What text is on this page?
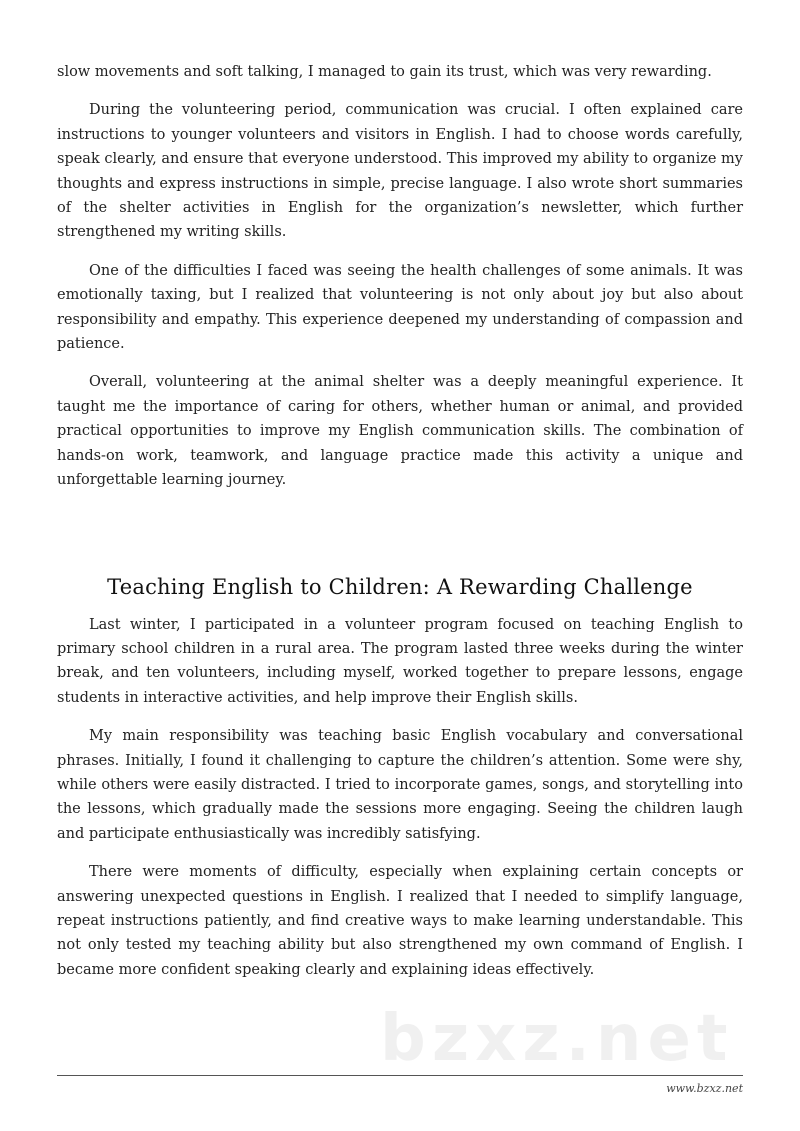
slow movements and soft talking, I managed to gain its trust, which was very rewarding.

During the volunteering period, communication was crucial. I often explained care instructions to younger volunteers and visitors in English. I had to choose words carefully, speak clearly, and ensure that everyone understood. This improved my ability to organize my thoughts and express instructions in simple, precise language. I also wrote short summaries of the shelter activities in English for the organization’s newsletter, which further strengthened my writing skills.

One of the difficulties I faced was seeing the health challenges of some animals. It was emotionally taxing, but I realized that volunteering is not only about joy but also about responsibility and empathy. This experience deepened my understanding of compassion and patience.

Overall, volunteering at the animal shelter was a deeply meaningful experience. It taught me the importance of caring for others, whether human or animal, and provided practical opportunities to improve my English communication skills. The combination of hands-on work, teamwork, and language practice made this activity a unique and unforgettable learning journey.

Teaching English to Children: A Rewarding Challenge

Last winter, I participated in a volunteer program focused on teaching English to primary school children in a rural area. The program lasted three weeks during the winter break, and ten volunteers, including myself, worked together to prepare lessons, engage students in interactive activities, and help improve their English skills.

My main responsibility was teaching basic English vocabulary and conversational phrases. Initially, I found it challenging to capture the children’s attention. Some were shy, while others were easily distracted. I tried to incorporate games, songs, and storytelling into the lessons, which gradually made the sessions more engaging. Seeing the children laugh and participate enthusiastically was incredibly satisfying.

There were moments of difficulty, especially when explaining certain concepts or answering unexpected questions in English. I realized that I needed to simplify language, repeat instructions patiently, and find creative ways to make learning understandable. This not only tested my teaching ability but also strengthened my own command of English. I became more confident speaking clearly and explaining ideas effectively.

bzxz.net
www.bzxz.net
